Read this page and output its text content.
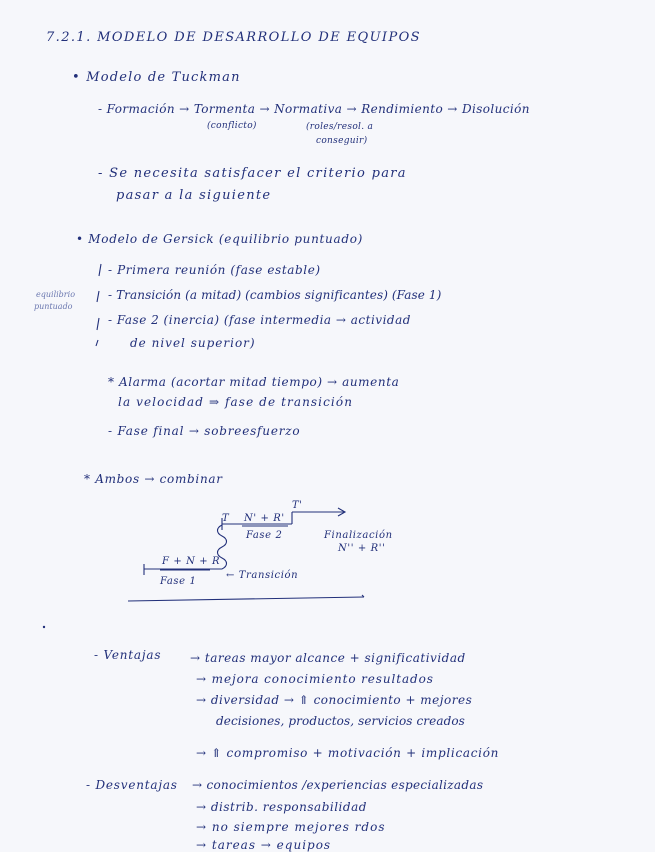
7.2.1. MODELO DE DESARROLLO DE EQUIPOS
• Modelo de Tuckman
- Formación → Tormenta → Normativa → Rendimiento → Disolución
(conflicto)	(roles/resol. a
conseguir)
- Se necesita satisfacer el criterio para
pasar a la siguiente
• Modelo de Gersick (equilibrio puntuado)
equilibrio
puntuado
- Primera reunión (fase estable)
- Transición (a mitad) (cambios significantes) (Fase 1)
- Fase 2 (inercia) (fase intermedia → actividad
de nivel superior)
* Alarma (acortar mitad tiempo) → aumenta
la velocidad ⇒ fase de transición
- Fase final → sobreesfuerzo
* Ambos → combinar
T'
T N' + R'
Fase 2	Finalización
N'' + R''
F + N + R
Fase 1
← Transición
- Ventajas → tareas mayor alcance + significatividad
→ mejora conocimiento resultados
→ diversidad → ⇑ conocimiento + mejores
decisiones, productos, servicios creados
→ ⇑ compromiso + motivación + implicación
- Desventajas → conocimientos /experiencias especializadas
→ distrib. responsabilidad
→ no siempre mejores rdos
→ tareas → equipos
